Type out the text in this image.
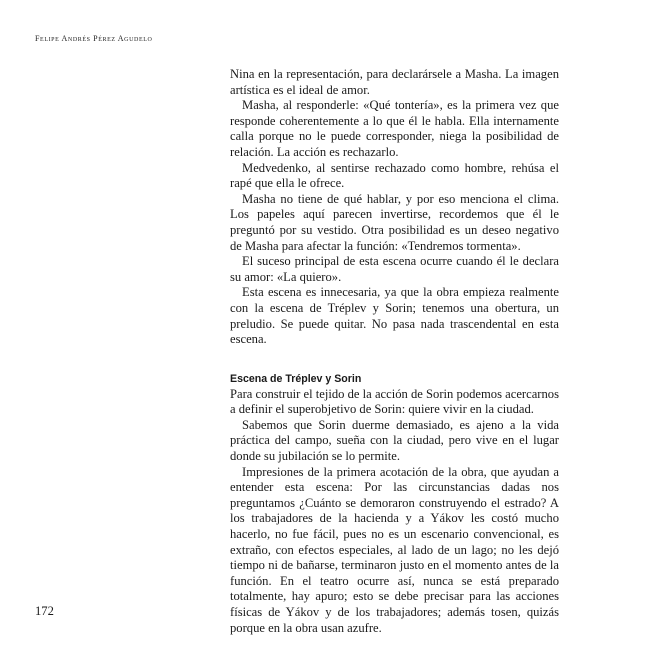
Felipe Andrés Pérez Agudelo

Nina en la representación, para declarársele a Masha. La imagen artística es el ideal de amor.

Masha, al responderle: «Qué tontería», es la primera vez que responde coherentemente a lo que él le habla. Ella internamente calla porque no le puede corresponder, niega la posibilidad de relación. La acción es rechazarlo.

Medvedenko, al sentirse rechazado como hombre, rehúsa el rapé que ella le ofrece.

Masha no tiene de qué hablar, y por eso menciona el clima. Los papeles aquí parecen invertirse, recordemos que él le preguntó por su vestido. Otra posibilidad es un deseo negativo de Masha para afectar la función: «Tendremos tormenta».

El suceso principal de esta escena ocurre cuando él le declara su amor: «La quiero».

Esta escena es innecesaria, ya que la obra empieza realmente con la escena de Tréplev y Sorin; tenemos una obertura, un preludio. Se puede quitar. No pasa nada trascendental en esta escena.

Escena de Tréplev y Sorin

Para construir el tejido de la acción de Sorin podemos acercarnos a definir el superobjetivo de Sorin: quiere vivir en la ciudad.

Sabemos que Sorin duerme demasiado, es ajeno a la vida práctica del campo, sueña con la ciudad, pero vive en el lugar donde su jubilación se lo permite.

Impresiones de la primera acotación de la obra, que ayudan a entender esta escena: Por las circunstancias dadas nos preguntamos ¿Cuánto se demoraron construyendo el estrado? A los trabajadores de la hacienda y a Yákov les costó mucho hacerlo, no fue fácil, pues no es un escenario convencional, es extraño, con efectos especiales, al lado de un lago; no les dejó tiempo ni de bañarse, terminaron justo en el momento antes de la función. En el teatro ocurre así, nunca se está preparado totalmente, hay apuro; esto se debe precisar para las acciones físicas de Yákov y de los trabajadores; además tosen, quizás porque en la obra usan azufre.

172
